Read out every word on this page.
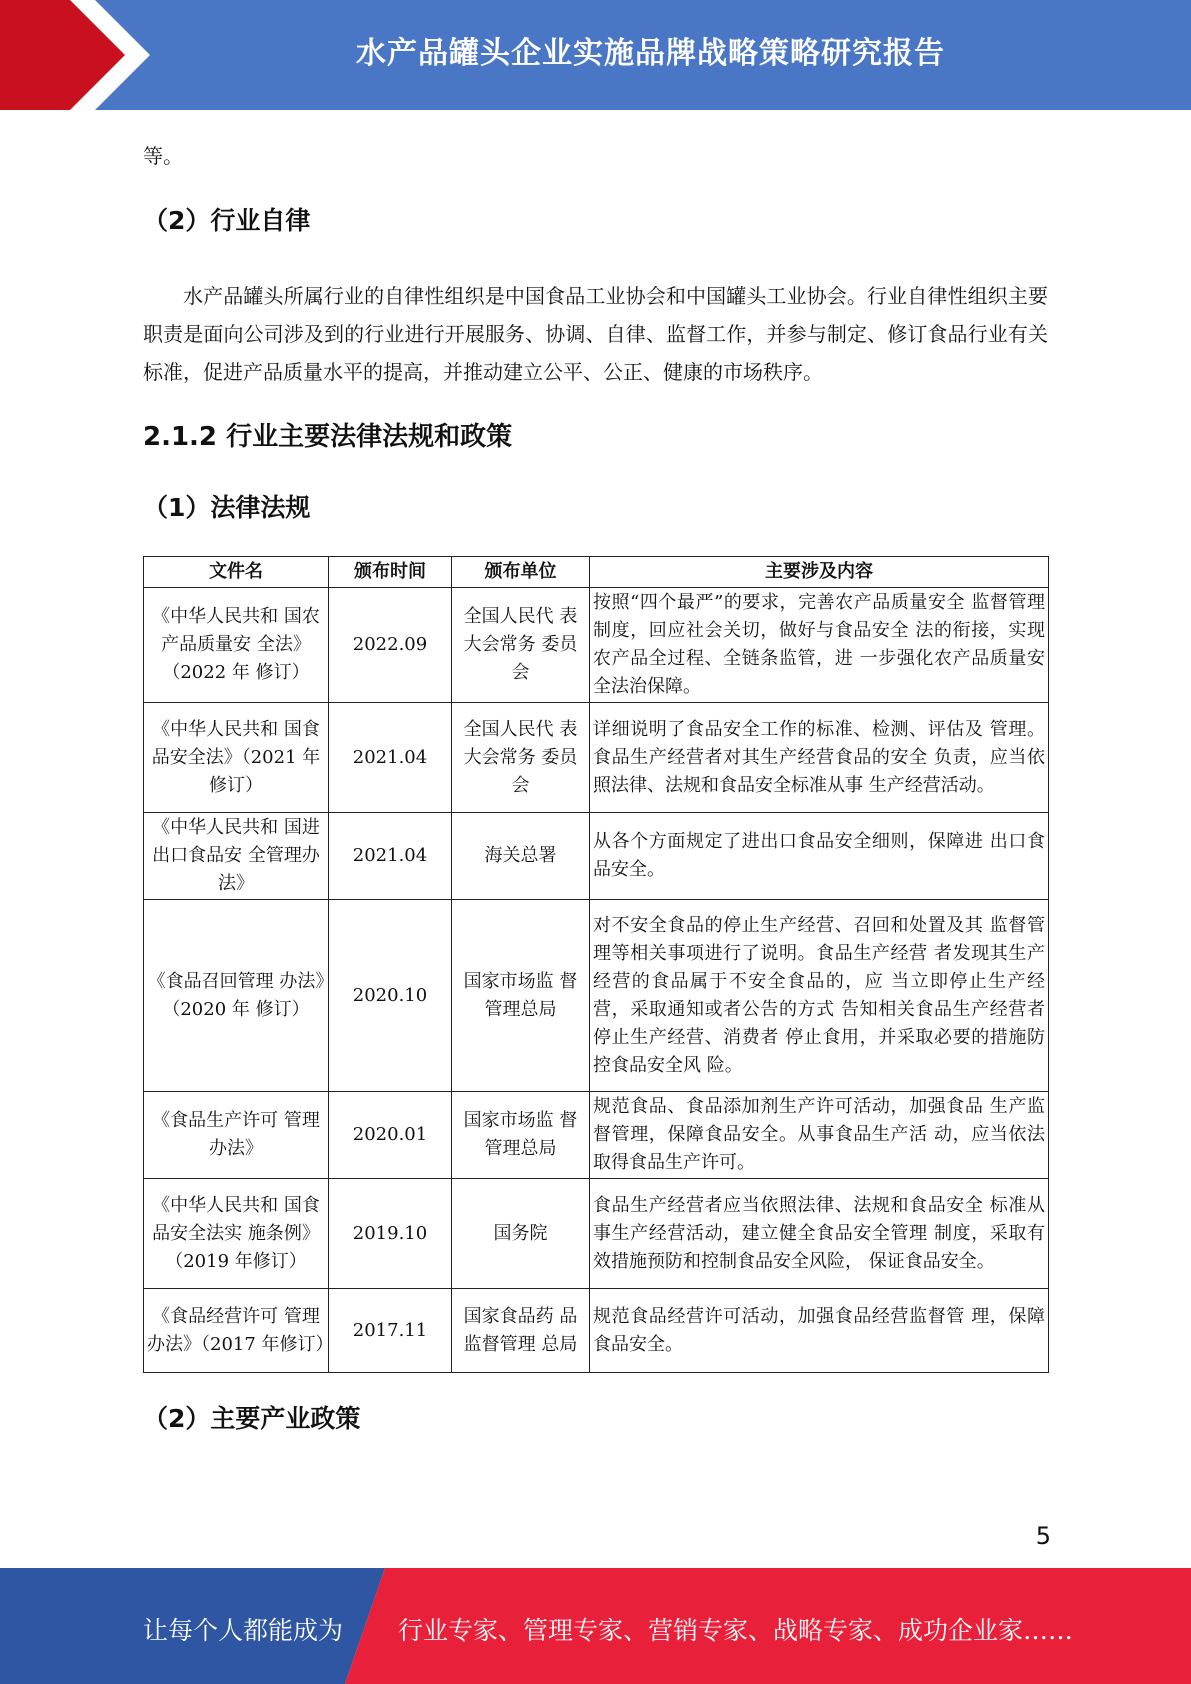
水产品罐头企业实施品牌战略策略研究报告
等。
（2）行业自律

水产品罐头所属行业的自律性组织是中国食品工业协会和中国罐头工业协会。行业自律性组织主要职责是面向公司涉及到的行业进行开展服务、协调、自律、监督工作，并参与制定、修订食品行业有关标准，促进产品质量水平的提高，并推动建立公平、公正、健康的市场秩序。

2.1.2 行业主要法律法规和政策
（1）法律法规
文件名	颁布时间	颁布单位	主要涉及内容
《中华人民共和 国农产品质量安 全法》（2022 年 修订）	2022.09	全国人民代 表大会常务 委员会	按照“四个最严”的要求，完善农产品质量安全 监督管理制度，回应社会关切，做好与食品安全 法的衔接，实现农产品全过程、全链条监管，进 一步强化农产品质量安全法治保障。
《中华人民共和 国食品安全法》（2021 年修订）	2021.04	全国人民代 表大会常务 委员会	详细说明了食品安全工作的标准、检测、评估及 管理。食品生产经营者对其生产经营食品的安全 负责，应当依照法律、法规和食品安全标准从事 生产经营活动。
《中华人民共和 国进出口食品安 全管理办法》	2021.04	海关总署	从各个方面规定了进出口食品安全细则，保障进 出口食品安全。
《食品召回管理 办法》（2020 年 修订）	2020.10	国家市场监 督管理总局	对不安全食品的停止生产经营、召回和处置及其 监督管理等相关事项进行了说明。食品生产经营 者发现其生产经营的食品属于不安全食品的，应 当立即停止生产经营，采取通知或者公告的方式 告知相关食品生产经营者停止生产经营、消费者 停止食用，并采取必要的措施防控食品安全风 险。
《食品生产许可 管理办法》	2020.01	国家市场监 督管理总局	规范食品、食品添加剂生产许可活动，加强食品 生产监督管理，保障食品安全。从事食品生产活 动，应当依法取得食品生产许可。
《中华人民共和 国食品安全法实 施条例》（2019 年修订）	2019.10	国务院	食品生产经营者应当依照法律、法规和食品安全 标准从事生产经营活动，建立健全食品安全管理 制度，采取有效措施预防和控制食品安全风险， 保证食品安全。
《食品经营许可 管理办法》（2017 年修订）	2017.11	国家食品药 品监督管理 总局	规范食品经营许可活动，加强食品经营监督管 理，保障食品安全。
（2）主要产业政策
5
让每个人都能成为 行业专家、管理专家、营销专家、战略专家、成功企业家……
